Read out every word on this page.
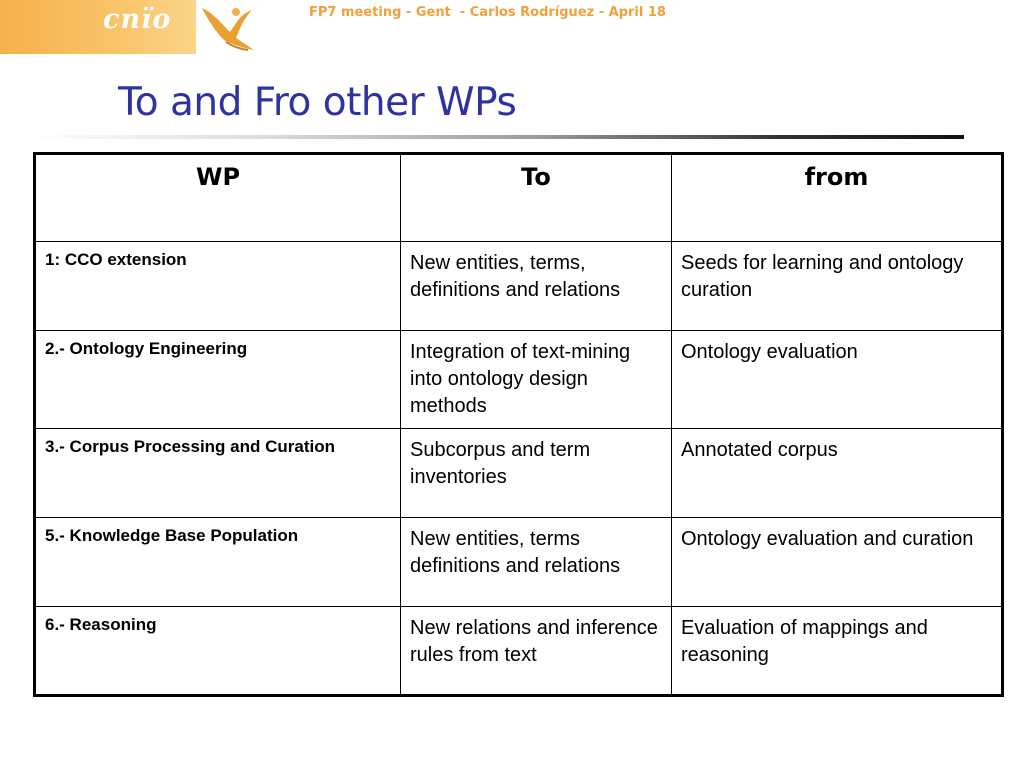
cnïo	FP7 meeting - Gent  - Carlos Rodríguez - April 18
To and Fro other WPs
WP	To	from
1: CCO extension	New entities, terms, definitions and relations	Seeds for learning and ontology curation
2.- Ontology Engineering	Integration of text-mining into ontology design methods	Ontology evaluation
3.- Corpus Processing and Curation	Subcorpus and term inventories	Annotated corpus
5.- Knowledge Base Population	New entities, terms definitions and relations	Ontology evaluation and curation
6.- Reasoning	New relations and inference rules from text	Evaluation of mappings and reasoning
